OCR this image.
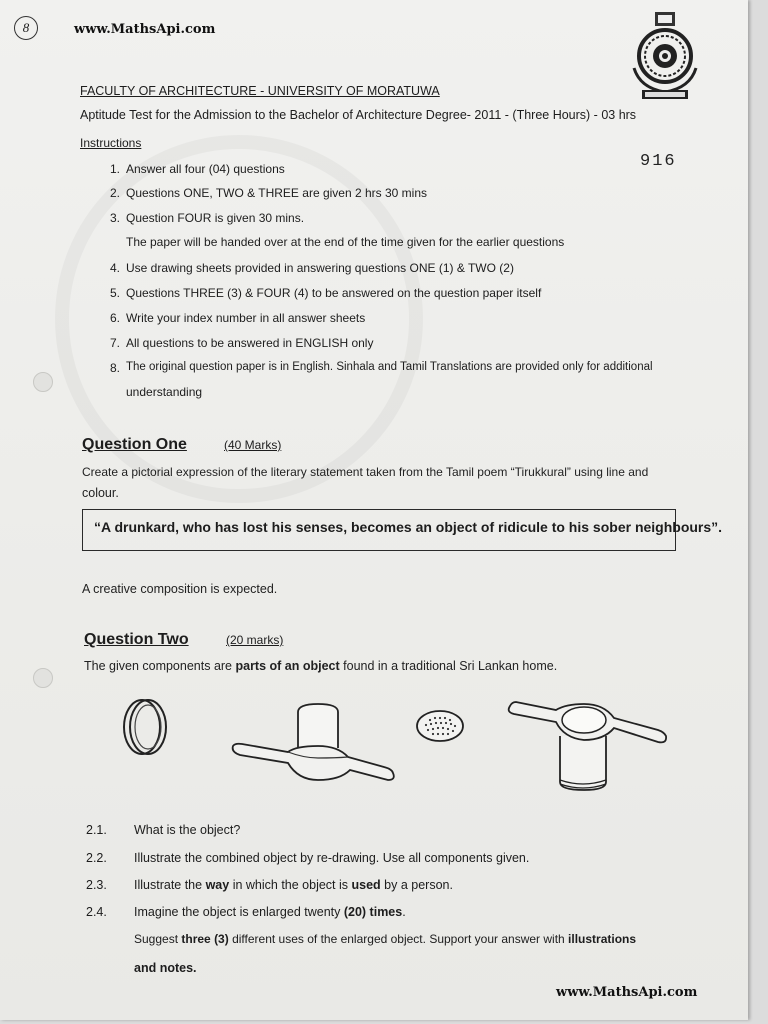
8	www.MathsApi.com
916
FACULTY OF ARCHITECTURE - UNIVERSITY OF MORATUWA
Aptitude Test for the Admission to the Bachelor of Architecture Degree- 2011 - (Three Hours) - 03 hrs
Instructions
1. Answer all four (04) questions
2. Questions ONE, TWO & THREE are given 2 hrs 30 mins
3. Question FOUR is given 30 mins.
The paper will be handed over at the end of the time given for the earlier questions
4. Use drawing sheets provided in answering questions ONE (1) & TWO (2)
5. Questions THREE (3) & FOUR (4) to be answered on the question paper itself
6. Write your index number in all answer sheets
7. All questions to be answered in ENGLISH only
8. The original question paper is in English. Sinhala and Tamil Translations are provided only for additional
understanding
Question One	(40 Marks)
Create a pictorial expression of the literary statement taken from the Tamil poem “Tirukkural” using line and
colour.
“A drunkard, who has lost his senses, becomes an object of ridicule to his sober neighbours”.
A creative composition is expected.
Question Two	(20 marks)
The given components are parts of an object found in a traditional Sri Lankan home.
2.1. What is the object?
2.2. Illustrate the combined object by re-drawing. Use all components given.
2.3. Illustrate the way in which the object is used by a person.
2.4. Imagine the object is enlarged twenty (20) times.
Suggest three (3) different uses of the enlarged object. Support your answer with illustrations
and notes.
www.MathsApi.com
